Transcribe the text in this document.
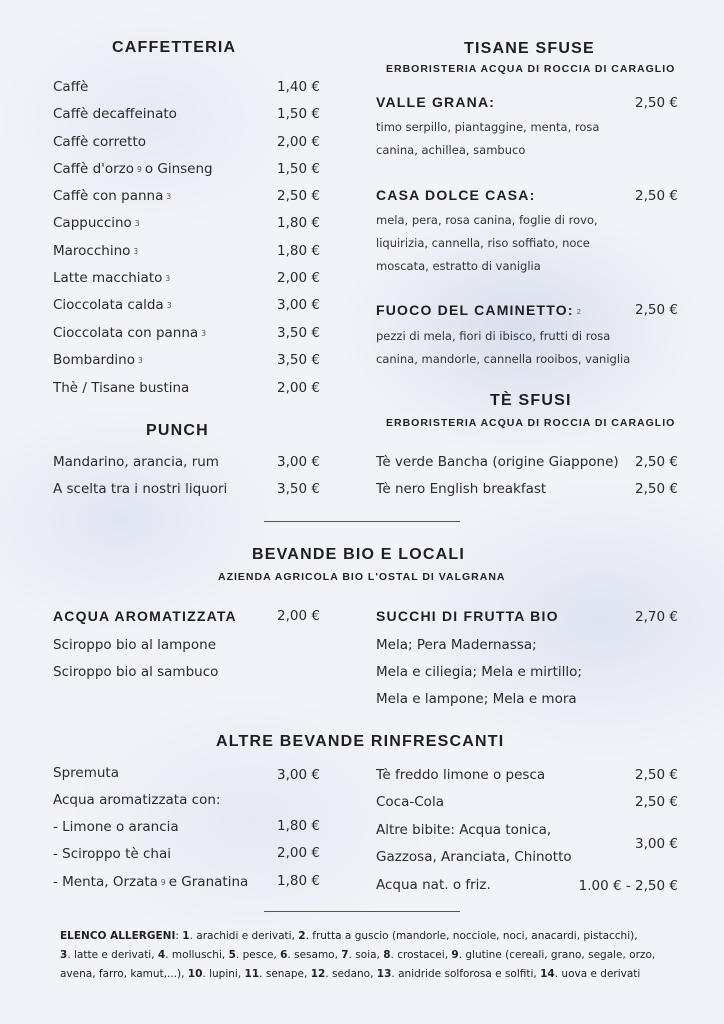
CAFFETTERIA
Caffè	1,40 €
Caffè decaffeinato	1,50 €
Caffè corretto	2,00 €
Caffè d'orzo 9 o Ginseng	1,50 €
Caffè con panna 3	2,50 €
Cappuccino 3	1,80 €
Marocchino 3	1,80 €
Latte macchiato 3	2,00 €
Cioccolata calda 3	3,00 €
Cioccolata con panna 3	3,50 €
Bombardino 3	3,50 €
Thè / Tisane bustina	2,00 €
PUNCH
Mandarino, arancia, rum	3,00 €
A scelta tra i nostri liquori	3,50 €
TISANE SFUSE
ERBORISTERIA ACQUA DI ROCCIA DI CARAGLIO
VALLE GRANA:	2,50 €
timo serpillo, piantaggine, menta, rosa
canina, achillea, sambuco
CASA DOLCE CASA:	2,50 €
mela, pera, rosa canina, foglie di rovo,
liquirizia, cannella, riso soffiato, noce
moscata, estratto di vaniglia
FUOCO DEL CAMINETTO: 2	2,50 €
pezzi di mela, fiori di ibisco, frutti di rosa
canina, mandorle, cannella rooibos, vaniglia
TÈ SFUSI
ERBORISTERIA ACQUA DI ROCCIA DI CARAGLIO
Tè verde Bancha (origine Giappone) 2,50 €
Tè nero English breakfast	2,50 €
BEVANDE BIO E LOCALI
AZIENDA AGRICOLA BIO L'OSTAL DI VALGRANA
ACQUA AROMATIZZATA	2,00 €
Sciroppo bio al lampone
Sciroppo bio al sambuco
SUCCHI DI FRUTTA BIO	2,70 €
Mela; Pera Madernassa;
Mela e ciliegia; Mela e mirtillo;
Mela e lampone; Mela e mora
ALTRE BEVANDE RINFRESCANTI
Spremuta	3,00 €
Acqua aromatizzata con:
- Limone o arancia	1,80 €
- Sciroppo tè chai	2,00 €
- Menta, Orzata 9 e Granatina 1,80 €
Tè freddo limone o pesca	2,50 €
Coca-Cola	2,50 €
Altre bibite: Acqua tonica,
Gazzosa, Aranciata, Chinotto
3,00 €
Acqua nat. o friz.	1.00 € - 2,50 €
ELENCO ALLERGENI: 1. arachidi e derivati, 2. frutta a guscio (mandorle, nocciole, noci, anacardi, pistacchi),
3. latte e derivati, 4. molluschi, 5. pesce, 6. sesamo, 7. soia, 8. crostacei, 9. glutine (cereali, grano, segale, orzo, avena, farro, kamut,...), 10. lupini, 11. senape, 12. sedano, 13. anidride solforosa e solfiti, 14. uova e derivati
